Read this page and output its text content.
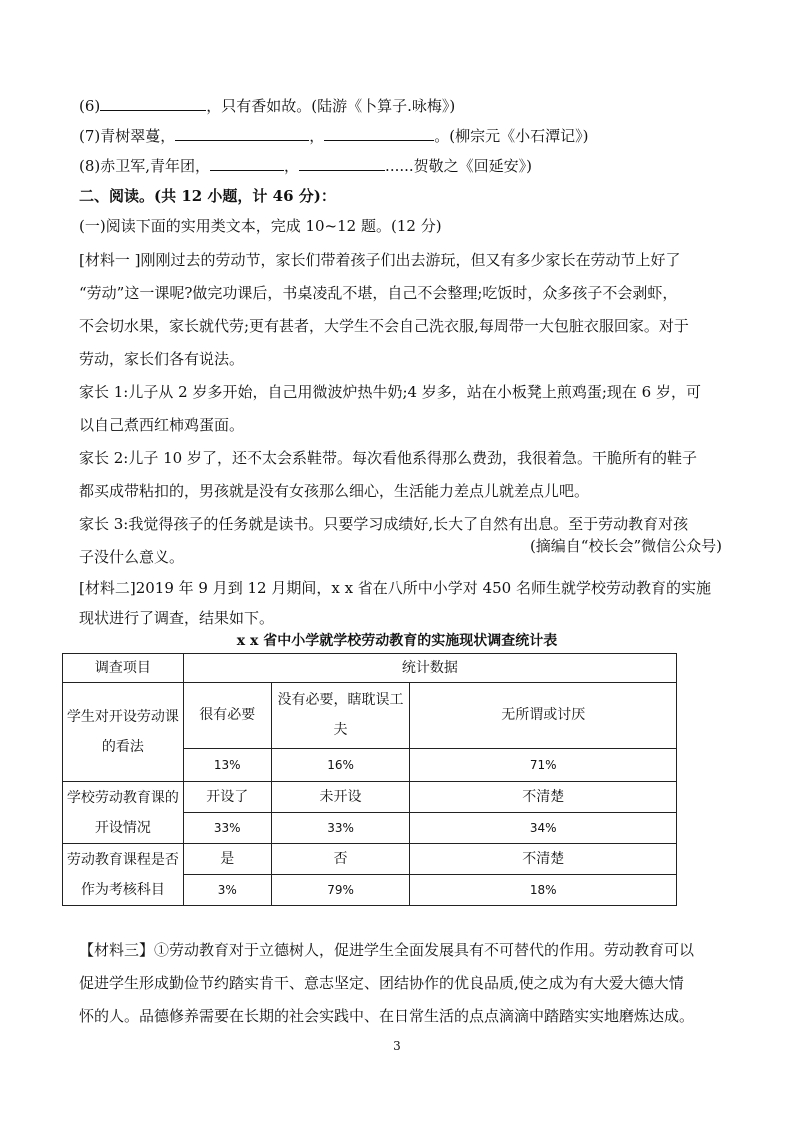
(6)	，只有香如故。(陆游《卜算子.咏梅》)
(7)青树翠蔓，	，	。(柳宗元《小石潭记》)
(8)赤卫军,青年团，	，	......贺敬之《回延安》)
二、阅读。(共 12 小题，计 46 分)：
(一)阅读下面的实用类文本，完成 10~12 题。(12 分)
[材料一 ]刚刚过去的劳动节，家长们带着孩子们出去游玩，但又有多少家长在劳动节上好了
“劳动”这一课呢?做完功课后，书桌凌乱不堪，自己不会整理;吃饭时，众多孩子不会剥虾，
不会切水果，家长就代劳;更有甚者，大学生不会自己洗衣服,每周带一大包脏衣服回家。对于
劳动，家长们各有说法。
家长 1:儿子从 2 岁多开始，自己用微波炉热牛奶;4 岁多，站在小板凳上煎鸡蛋;现在 6 岁，可
以自己煮西红柿鸡蛋面。
家长 2:儿子 10 岁了，还不太会系鞋带。每次看他系得那么费劲，我很着急。干脆所有的鞋子
都买成带粘扣的，男孩就是没有女孩那么细心，生活能力差点儿就差点儿吧。
家长 3:我觉得孩子的任务就是读书。只要学习成绩好,长大了自然有出息。至于劳动教育对孩
子没什么意义。
(摘编自“校长会”微信公众号)
[材料二]2019 年 9 月到 12 月期间，x x 省在八所中小学对 450 名师生就学校劳动教育的实施
现状进行了调查，结果如下。
x x 省中小学就学校劳动教育的实施现状调查统计表
调查项目	统计数据		
学生对开设劳动课的看法	很有必要	没有必要，瞎耽误工夫	无所谓或讨厌
	13%	16%	71%
学校劳动教育课的开设情况	开设了	未开设	不清楚
	33%	33%	34%
劳动教育课程是否作为考核科目	是	否	不清楚
	3%	79%	18%
【材料三】①劳动教育对于立德树人，促进学生全面发展具有不可替代的作用。劳动教育可以
促进学生形成勤俭节约踏实肯干、意志坚定、团结协作的优良品质,使之成为有大爱大德大情
怀的人。品德修养需要在长期的社会实践中、在日常生活的点点滴滴中踏踏实实地磨炼达成。
3
